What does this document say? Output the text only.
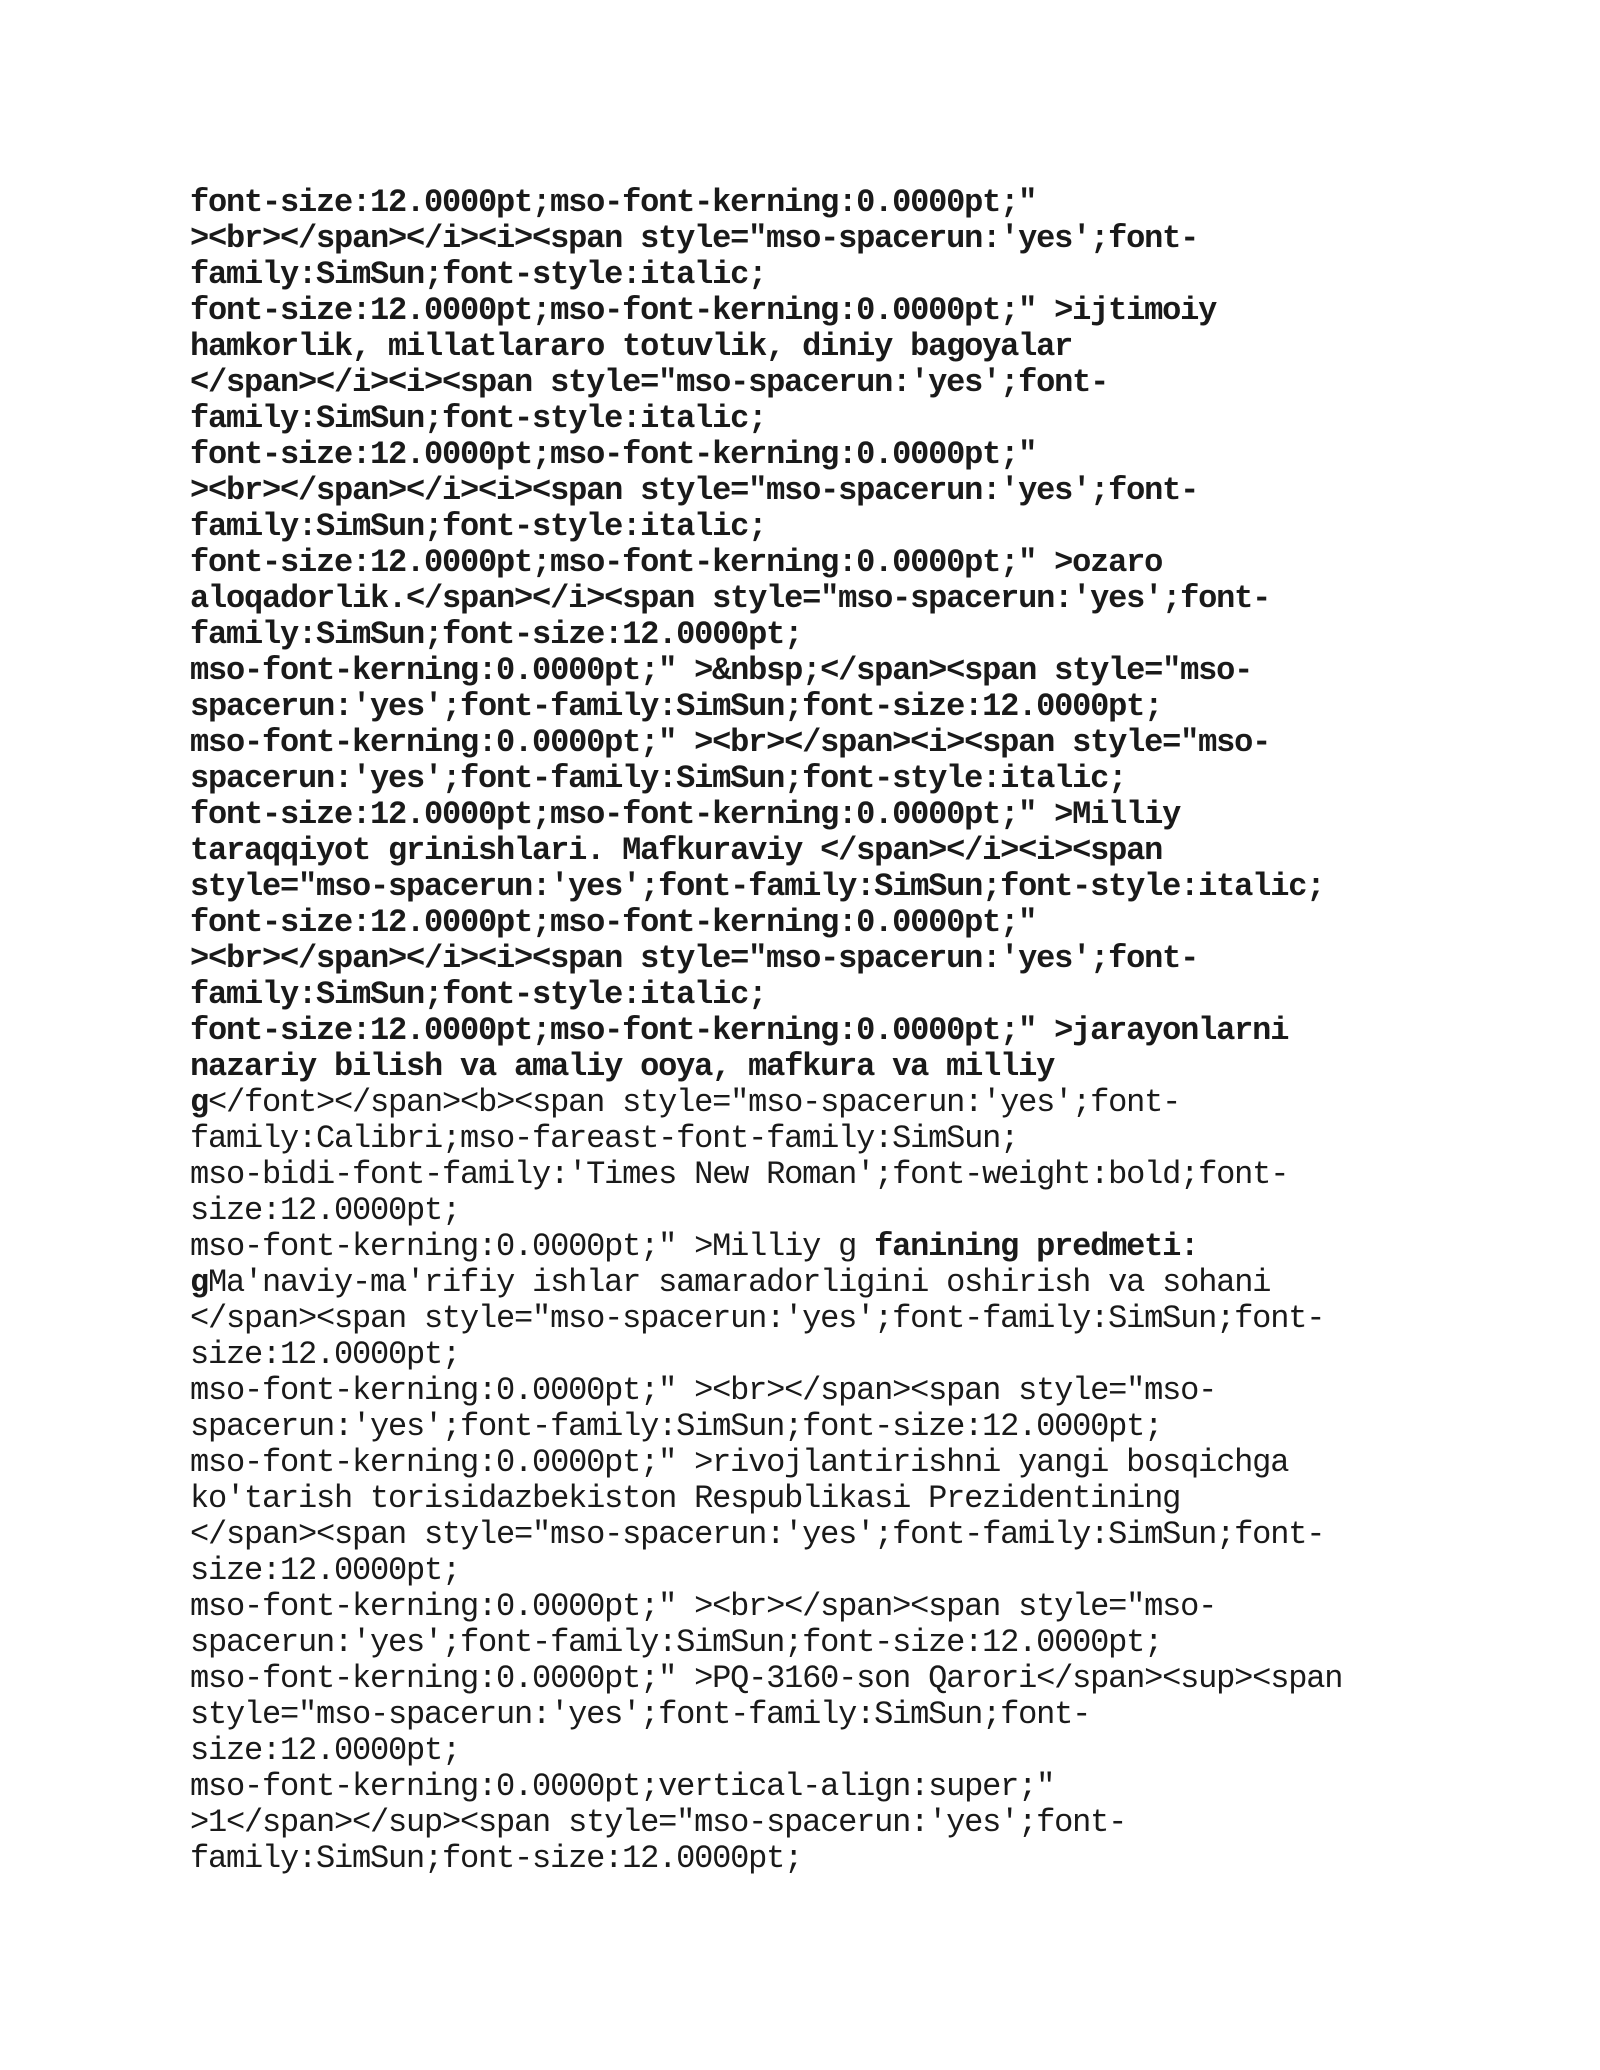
font-size:12.0000pt;mso-font-kerning:0.0000pt;"
><br></span></i><i><span style="mso-spacerun:'yes';font-
family:SimSun;font-style:italic;
font-size:12.0000pt;mso-font-kerning:0.0000pt;" >ijtimoiy
hamkorlik, millatlararo totuvlik, diniy bagoyalar
</span></i><i><span style="mso-spacerun:'yes';font-
family:SimSun;font-style:italic;
font-size:12.0000pt;mso-font-kerning:0.0000pt;"
><br></span></i><i><span style="mso-spacerun:'yes';font-
family:SimSun;font-style:italic;
font-size:12.0000pt;mso-font-kerning:0.0000pt;" >ozaro
aloqadorlik.</span></i><span style="mso-spacerun:'yes';font-
family:SimSun;font-size:12.0000pt;
mso-font-kerning:0.0000pt;" >&nbsp;</span><span style="mso-
spacerun:'yes';font-family:SimSun;font-size:12.0000pt;
mso-font-kerning:0.0000pt;" ><br></span><i><span style="mso-
spacerun:'yes';font-family:SimSun;font-style:italic;
font-size:12.0000pt;mso-font-kerning:0.0000pt;" >Milliy
taraqqiyot grinishlari. Mafkuraviy </span></i><i><span
style="mso-spacerun:'yes';font-family:SimSun;font-style:italic;
font-size:12.0000pt;mso-font-kerning:0.0000pt;"
><br></span></i><i><span style="mso-spacerun:'yes';font-
family:SimSun;font-style:italic;
font-size:12.0000pt;mso-font-kerning:0.0000pt;" >jarayonlarni
nazariy bilish va amaliy ooya, mafkura va milliy
g</font></span><b><span style="mso-spacerun:'yes';font-
family:Calibri;mso-fareast-font-family:SimSun;
mso-bidi-font-family:'Times New Roman';font-weight:bold;font-
size:12.0000pt;
mso-font-kerning:0.0000pt;" >Milliy g fanining predmeti:
gMa'naviy-ma'rifiy ishlar samaradorligini oshirish va sohani
</span><span style="mso-spacerun:'yes';font-family:SimSun;font-
size:12.0000pt;
mso-font-kerning:0.0000pt;" ><br></span><span style="mso-
spacerun:'yes';font-family:SimSun;font-size:12.0000pt;
mso-font-kerning:0.0000pt;" >rivojlantirishni yangi bosqichga
ko'tarish torisidazbekiston Respublikasi Prezidentining
</span><span style="mso-spacerun:'yes';font-family:SimSun;font-
size:12.0000pt;
mso-font-kerning:0.0000pt;" ><br></span><span style="mso-
spacerun:'yes';font-family:SimSun;font-size:12.0000pt;
mso-font-kerning:0.0000pt;" >PQ-3160-son Qarori</span><sup><span
style="mso-spacerun:'yes';font-family:SimSun;font-
size:12.0000pt;
mso-font-kerning:0.0000pt;vertical-align:super;"
>1</span></sup><span style="mso-spacerun:'yes';font-
family:SimSun;font-size:12.0000pt;
